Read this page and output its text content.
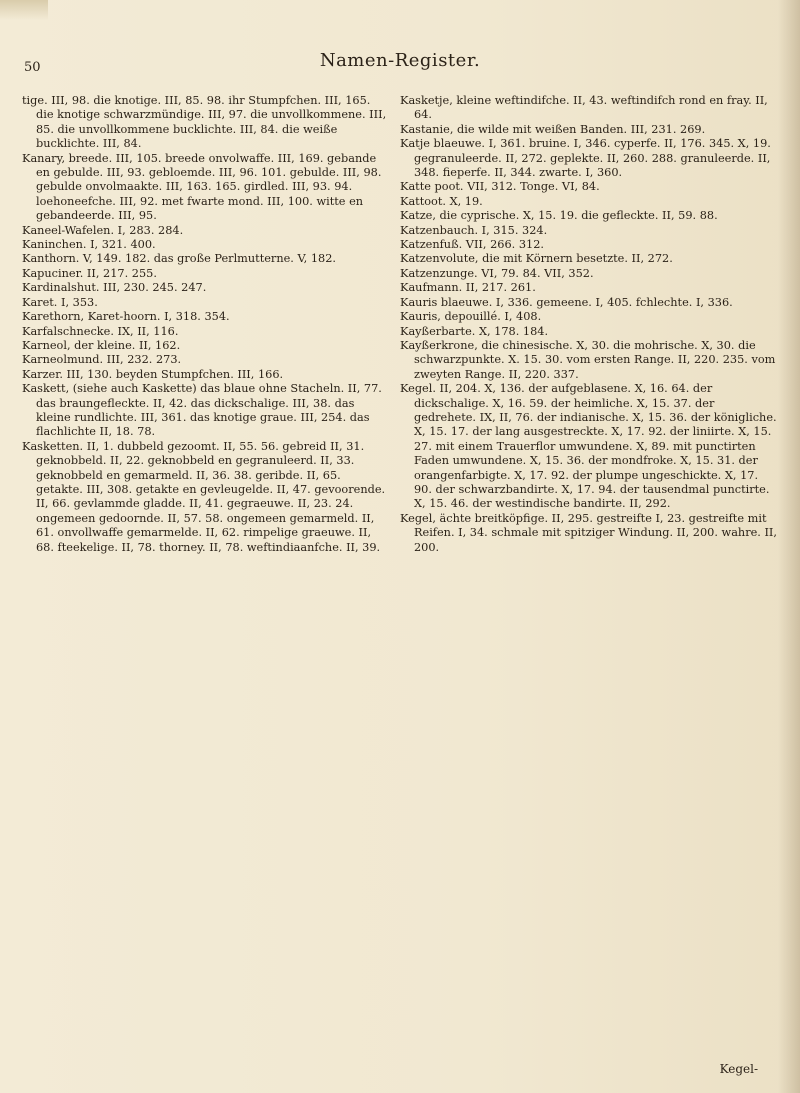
50	Namen-Register.

tige. III, 98. die knotige. III, 85. 98. ihr Stumpfchen. III, 165. die knotige schwarzmündige. III, 97. die unvollkommene. III, 85. die unvollkommene bucklichte. III, 84. die weiße bucklichte. III, 84.

Kanary, breede. III, 105. breede onvolwaffe. III, 169. gebande en gebulde. III, 93. gebloemde. III, 96. 101. gebulde. III, 98. gebulde onvolmaakte. III, 163. 165. girdled. III, 93. 94. loehoneefche. III, 92. met fwarte mond. III, 100. witte en gebandeerde. III, 95.

Kaneel-Wafelen. I, 283. 284.

Kaninchen. I, 321. 400.

Kanthorn. V, 149. 182. das große Perlmutterne. V, 182.

Kapuciner. II, 217. 255.

Kardinalshut. III, 230. 245. 247.

Karet. I, 353.

Karethorn, Karet-hoorn. I, 318. 354.

Karfalschnecke. IX, II, 116.

Karneol, der kleine. II, 162.

Karneolmund. III, 232. 273.

Karzer. III, 130. beyden Stumpfchen. III, 166.

Kaskett, (siehe auch Kaskette) das blaue ohne Stacheln. II, 77. das braungefleckte. II, 42. das dickschalige. III, 38. das kleine rundlichte. III, 361. das knotige graue. III, 254. das flachlichte II, 18. 78.

Kasketten. II, 1. dubbeld gezoomt. II, 55. 56. gebreid II, 31. geknobbeld. II, 22. geknobbeld en gegranuleerd. II, 33. geknobbeld en gemarmeld. II, 36. 38. geribde. II, 65. getakte. III, 308. getakte en gevleugelde. II, 47. gevoorende. II, 66. gevlammde gladde. II, 41. gegraeuwe. II, 23. 24. ongemeen gedoornde. II, 57. 58. ongemeen gemarmeld. II, 61. onvollwaffe gemarmelde. II, 62. rimpelige graeuwe. II, 68. fteekelige. II, 78. thorney. II, 78. weftindiaanfche. II, 39.

Kasketje, kleine weftindifche. II, 43. weftindifch rond en fray. II, 64.

Kastanie, die wilde mit weißen Banden. III, 231. 269.

Katje blaeuwe. I, 361. bruine. I, 346. cyperfe. II, 176. 345. X, 19. gegranuleerde. II, 272. geplekte. II, 260. 288. granuleerde. II, 348. fieperfe. II, 344. zwarte. I, 360.

Katte poot. VII, 312. Tonge. VI, 84.

Kattoot. X, 19.

Katze, die cyprische. X, 15. 19. die gefleckte. II, 59. 88.

Katzenbauch. I, 315. 324.

Katzenfuß. VII, 266. 312.

Katzenvolute, die mit Körnern besetzte. II, 272.

Katzenzunge. VI, 79. 84. VII, 352.

Kaufmann. II, 217. 261.

Kauris blaeuwe. I, 336. gemeene. I, 405. fchlechte. I, 336.

Kauris, depouillé. I, 408.

Kayßerbarte. X, 178. 184.

Kayßerkrone, die chinesische. X, 30. die mohrische. X, 30. die schwarzpunkte. X. 15. 30. vom ersten Range. II, 220. 235. vom zweyten Range. II, 220. 337.

Kegel. II, 204. X, 136. der aufgeblasene. X, 16. 64. der dickschalige. X, 16. 59. der heimliche. X, 15. 37. der gedrehete. IX, II, 76. der indianische. X, 15. 36. der königliche. X, 15. 17. der lang ausgestreckte. X, 17. 92. der liniirte. X, 15. 27. mit einem Trauerflor umwundene. X, 89. mit punctirten Faden umwundene. X, 15. 36. der mondfroke. X, 15. 31. der orangenfarbigte. X, 17. 92. der plumpe ungeschickte. X, 17. 90. der schwarzbandirte. X, 17. 94. der tausendmal punctirte. X, 15. 46. der westindische bandirte. II, 292.

Kegel, ächte breitköpfige. II, 295. gestreifte I, 23. gestreifte mit Reifen. I, 34. schmale mit spitziger Windung. II, 200. wahre. II, 200.

Kegel-
